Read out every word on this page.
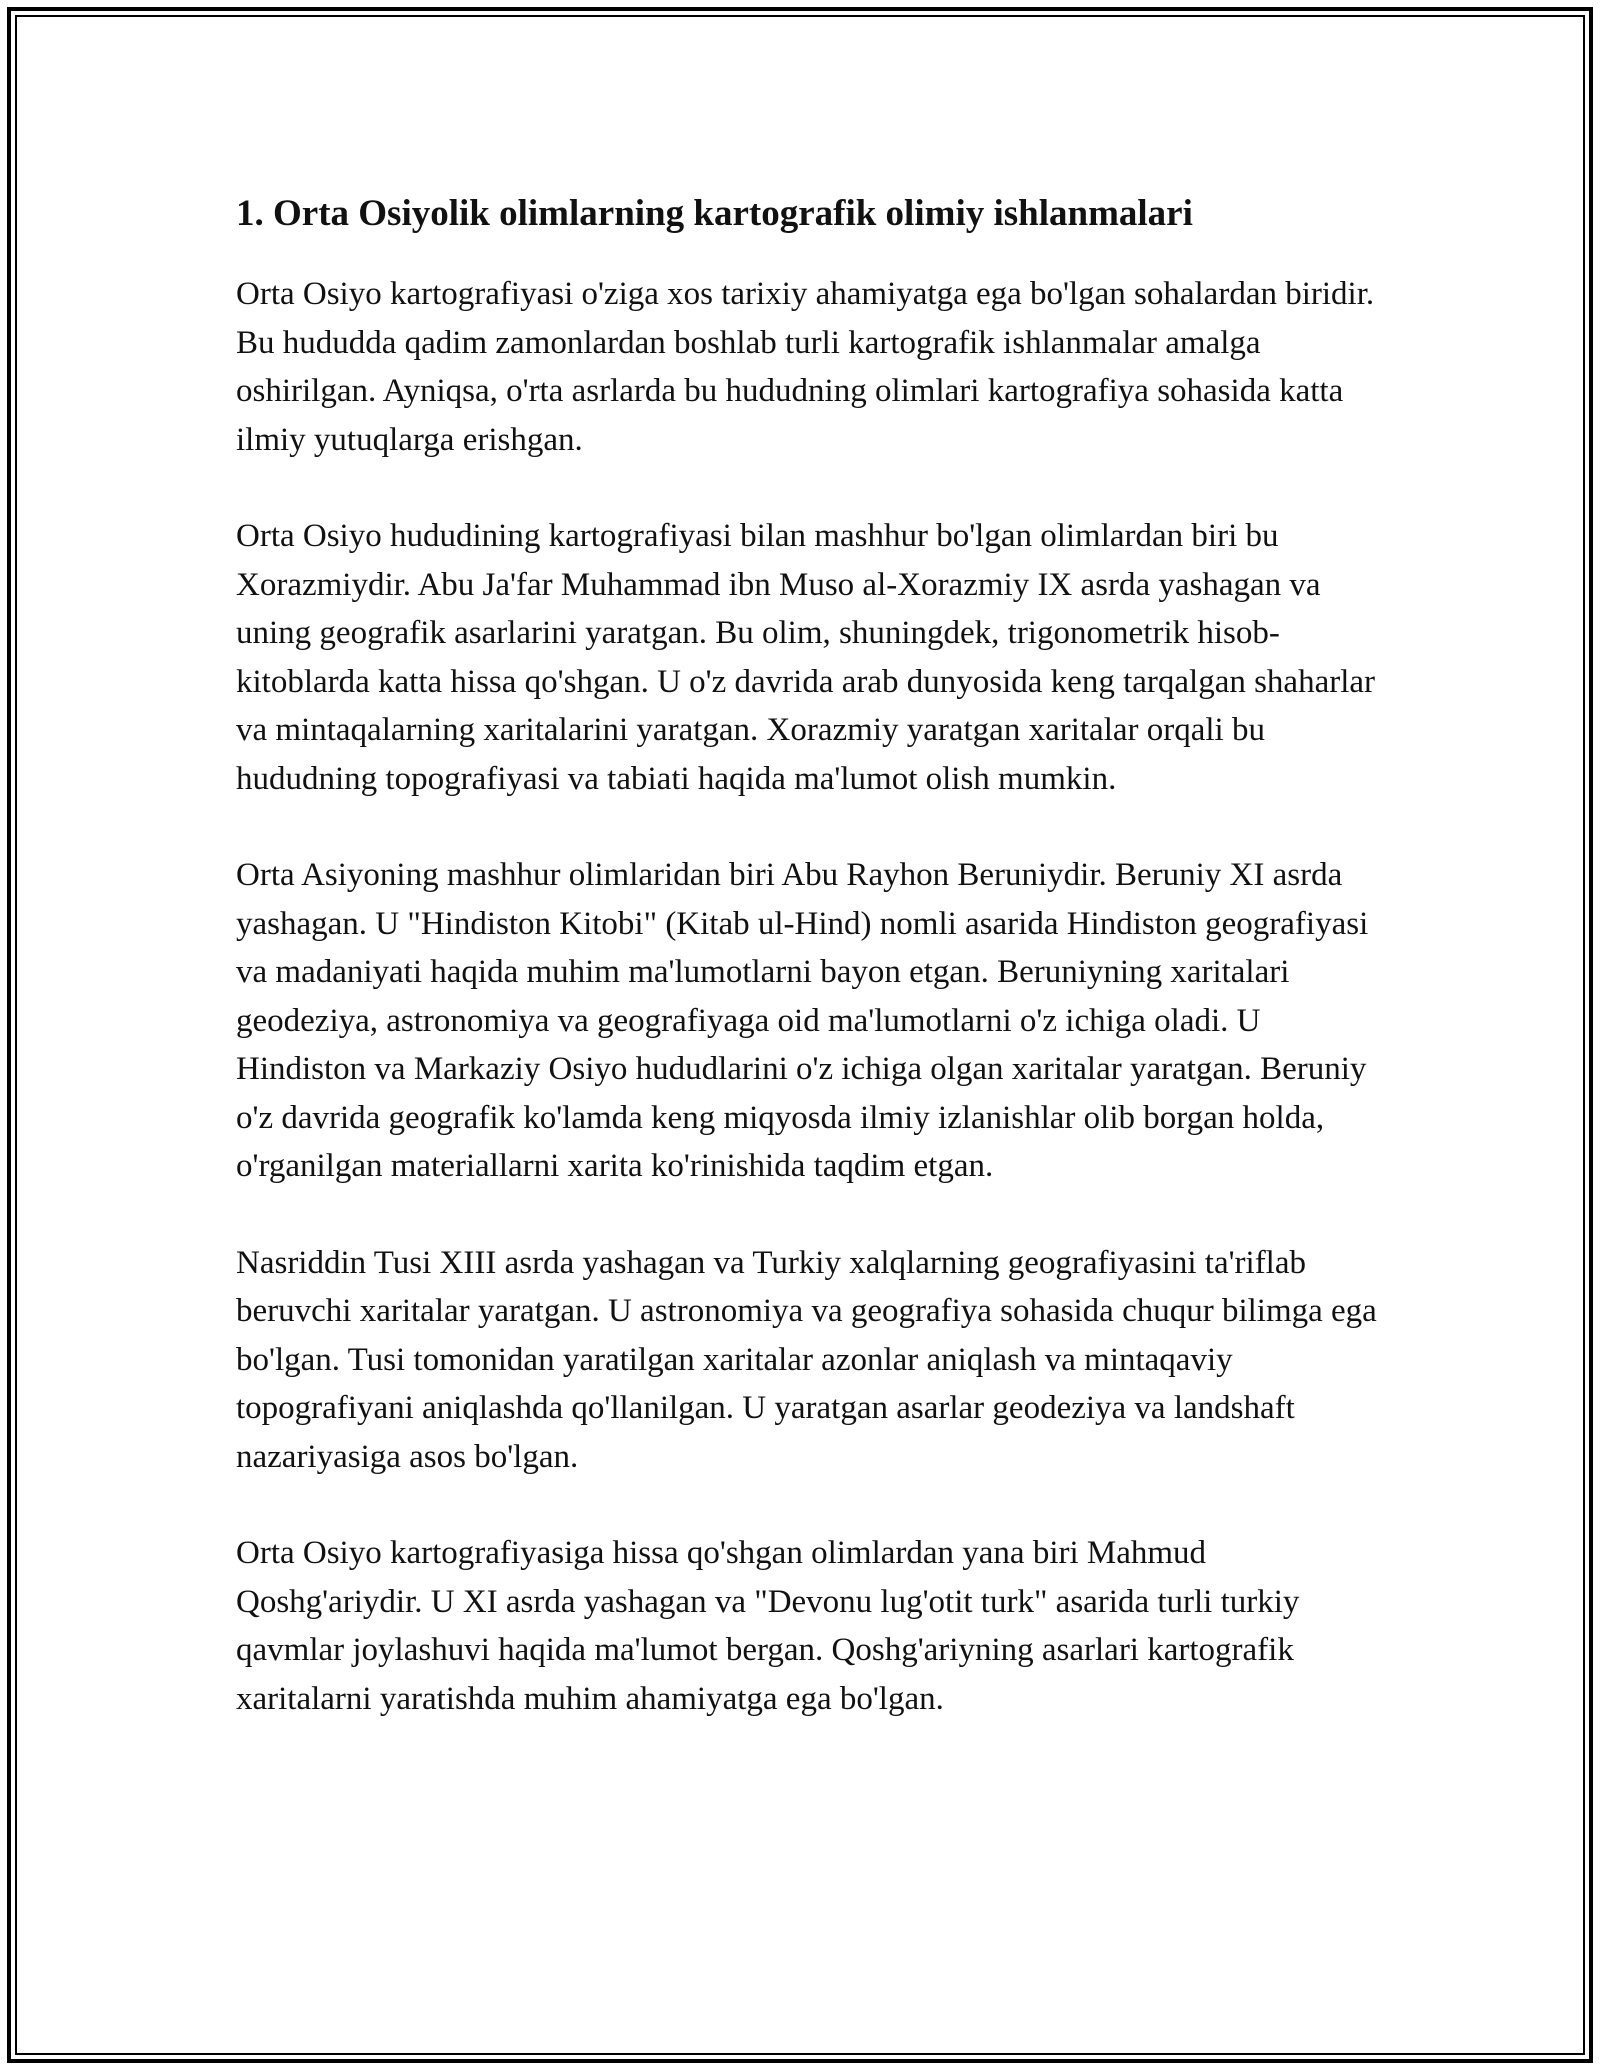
1. Orta Osiyolik olimlarning kartografik olimiy ishlanmalari

Orta Osiyo kartografiyasi o'ziga xos tarixiy ahamiyatga ega bo'lgan sohalardan biridir. Bu hududda qadim zamonlardan boshlab turli kartografik ishlanmalar amalga oshirilgan. Ayniqsa, o'rta asrlarda bu hududning olimlari kartografiya sohasida katta ilmiy yutuqlarga erishgan.

Orta Osiyo hududining kartografiyasi bilan mashhur bo'lgan olimlardan biri bu Xorazmiydir. Abu Ja'far Muhammad ibn Muso al-Xorazmiy IX asrda yashagan va uning geografik asarlarini yaratgan. Bu olim, shuningdek, trigonometrik hisob-kitoblarda katta hissa qo'shgan. U o'z davrida arab dunyosida keng tarqalgan shaharlar va mintaqalarning xaritalarini yaratgan. Xorazmiy yaratgan xaritalar orqali bu hududning topografiyasi va tabiati haqida ma'lumot olish mumkin.

Orta Asiyoning mashhur olimlaridan biri Abu Rayhon Beruniydir. Beruniy XI asrda yashagan. U "Hindiston Kitobi" (Kitab ul-Hind) nomli asarida Hindiston geografiyasi va madaniyati haqida muhim ma'lumotlarni bayon etgan. Beruniyning xaritalari geodeziya, astronomiya va geografiyaga oid ma'lumotlarni o'z ichiga oladi. U Hindiston va Markaziy Osiyo hududlarini o'z ichiga olgan xaritalar yaratgan. Beruniy o'z davrida geografik ko'lamda keng miqyosda ilmiy izlanishlar olib borgan holda, o'rganilgan materiallarni xarita ko'rinishida taqdim etgan.

Nasriddin Tusi XIII asrda yashagan va Turkiy xalqlarning geografiyasini ta'riflab beruvchi xaritalar yaratgan. U astronomiya va geografiya sohasida chuqur bilimga ega bo'lgan. Tusi tomonidan yaratilgan xaritalar azonlar aniqlash va mintaqaviy topografiyani aniqlashda qo'llanilgan. U yaratgan asarlar geodeziya va landshaft nazariyasiga asos bo'lgan.

Orta Osiyo kartografiyasiga hissa qo'shgan olimlardan yana biri Mahmud Qoshg'ariydir. U XI asrda yashagan va "Devonu lug'otit turk" asarida turli turkiy qavmlar joylashuvi haqida ma'lumot bergan. Qoshg'ariyning asarlari kartografik xaritalarni yaratishda muhim ahamiyatga ega bo'lgan.
